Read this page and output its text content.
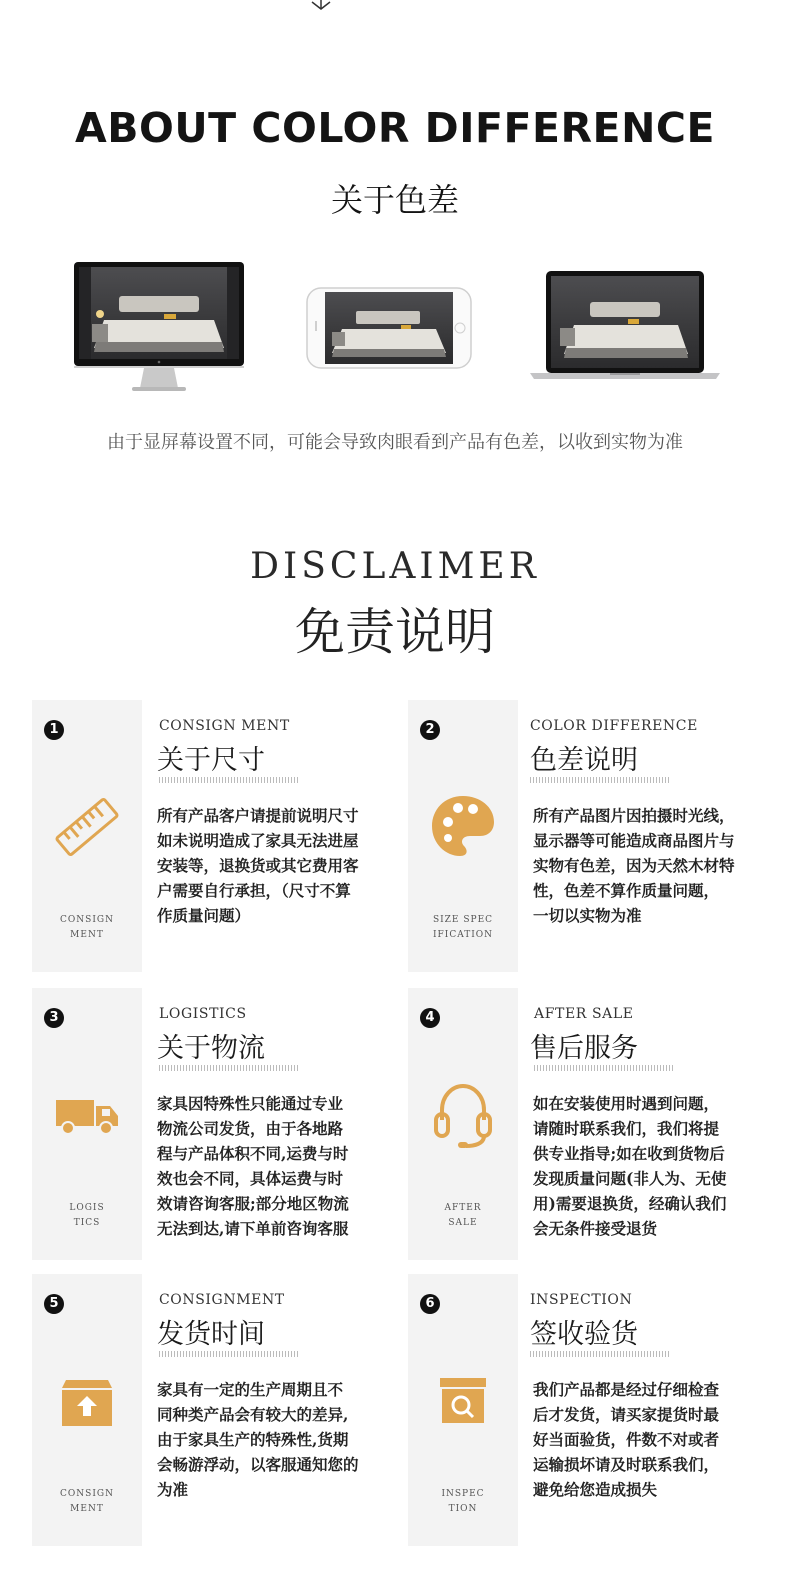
ABOUT COLOR DIFFERENCE
关于色差
由于显屏幕设置不同，可能会导致肉眼看到产品有色差，以收到实物为准
DISCLAIMER
免责说明
1
CONSIGN
MENT
CONSIGN MENT
关于尺寸
所有产品客户请提前说明尺寸
如未说明造成了家具无法进屋
安装等，退换货或其它费用客
户需要自行承担，（尺寸不算
作质量问题）
2
SIZE SPEC
IFICATION
COLOR DIFFERENCE
色差说明
所有产品图片因拍摄时光线，
显示器等可能造成商品图片与
实物有色差，因为天然木材特
性，色差不算作质量问题，
一切以实物为准
3
LOGIS
TICS
LOGISTICS
关于物流
家具因特殊性只能通过专业
物流公司发货，由于各地路
程与产品体积不同,运费与时
效也会不同，具体运费与时
效请咨询客服;部分地区物流
无法到达,请下单前咨询客服
4
AFTER
SALE
AFTER SALE
售后服务
如在安装使用时遇到问题，
请随时联系我们，我们将提
供专业指导;如在收到货物后
发现质量问题(非人为、无使
用)需要退换货，经确认我们
会无条件接受退货
5
CONSIGN
MENT
CONSIGNMENT
发货时间
家具有一定的生产周期且不
同种类产品会有较大的差异,
由于家具生产的特殊性,货期
会畅游浮动，以客服通知您的
为准
6
INSPEC
TION
INSPECTION
签收验货
我们产品都是经过仔细检查
后才发货，请买家提货时最
好当面验货，件数不对或者
运输损坏请及时联系我们，
避免给您造成损失
